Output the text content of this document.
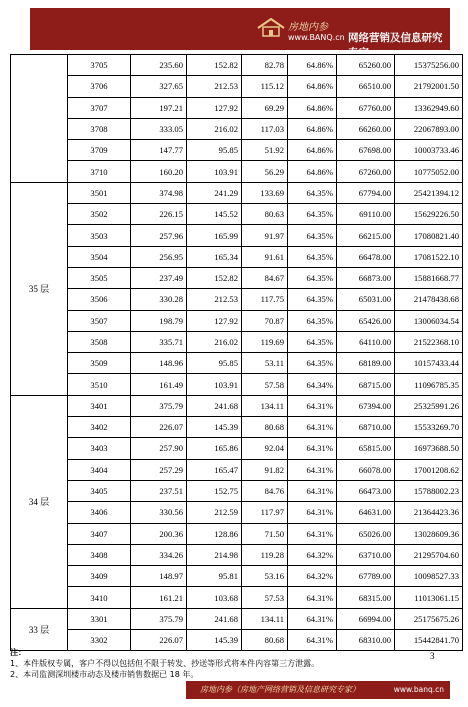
房地内参
www.BANQ.cn 网络营销及信息研究专家
	3705	235.60	152.82	82.78	64.86%	65260.00	15375256.00
	3706	327.65	212.53	115.12	64.86%	66510.00	21792001.50
	3707	197.21	127.92	69.29	64.86%	67760.00	13362949.60
	3708	333.05	216.02	117.03	64.86%	66260.00	22067893.00
	3709	147.77	95.85	51.92	64.86%	67698.00	10003733.46
	3710	160.20	103.91	56.29	64.86%	67260.00	10775052.00
35 层	3501	374.98	241.29	133.69	64.35%	67794.00	25421394.12
	3502	226.15	145.52	80.63	64.35%	69110.00	15629226.50
	3503	257.96	165.99	91.97	64.35%	66215.00	17080821.40
	3504	256.95	165.34	91.61	64.35%	66478.00	17081522.10
	3505	237.49	152.82	84.67	64.35%	66873.00	15881668.77
	3506	330.28	212.53	117.75	64.35%	65031.00	21478438.68
	3507	198.79	127.92	70.87	64.35%	65426.00	13006034.54
	3508	335.71	216.02	119.69	64.35%	64110.00	21522368.10
	3509	148.96	95.85	53.11	64.35%	68189.00	10157433.44
	3510	161.49	103.91	57.58	64.34%	68715.00	11096785.35
34 层	3401	375.79	241.68	134.11	64.31%	67394.00	25325991.26
	3402	226.07	145.39	80.68	64.31%	68710.00	15533269.70
	3403	257.90	165.86	92.04	64.31%	65815.00	16973688.50
	3404	257.29	165.47	91.82	64.31%	66078.00	17001208.62
	3405	237.51	152.75	84.76	64.31%	66473.00	15788002.23
	3406	330.56	212.59	117.97	64.31%	64631.00	21364423.36
	3407	200.36	128.86	71.50	64.31%	65026.00	13028609.36
	3408	334.26	214.98	119.28	64.32%	63710.00	21295704.60
	3409	148.97	95.81	53.16	64.32%	67789.00	10098527.33
	3410	161.21	103.68	57.53	64.31%	68315.00	11013061.15
33 层	3301	375.79	241.68	134.11	64.31%	66994.00	25175675.26
	3302	226.07	145.39	80.68	64.31%	68310.00	15442841.70
注：
1、本件版权专属，客户不得以包括但不限于转发、抄送等形式将本件内容第三方泄露。
2、本司监测深圳楼市动态及楼市销售数据已 18 年。
3
房地内参（房地产网络营销及信息研究专家）	www.banq.cn
